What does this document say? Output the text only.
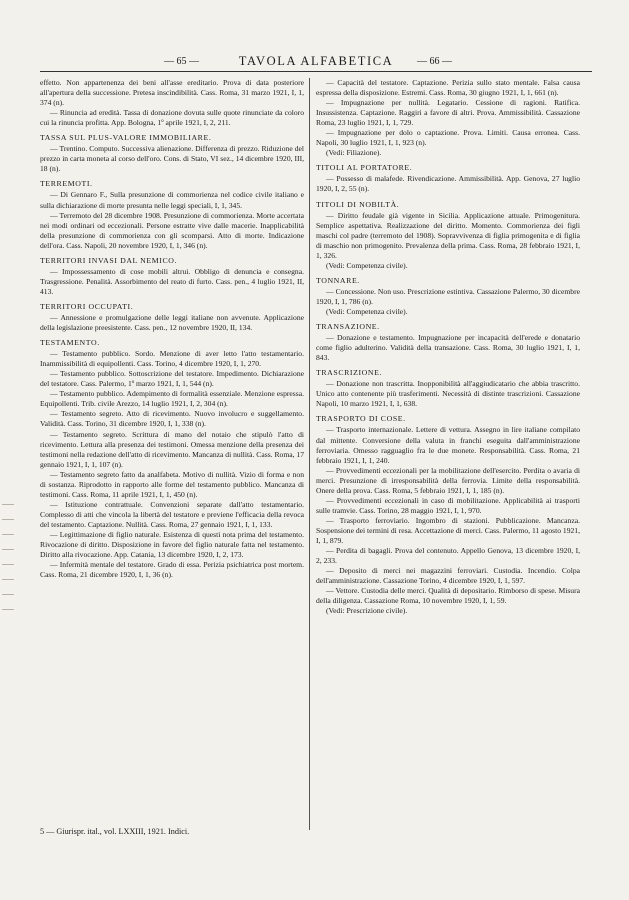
— 65 —	TAVOLA ALFABETICA	— 66 —

effetto. Non appartenenza dei beni all'asse ereditario. Prova di data posteriore all'apertura della successione. Pretesa inscindibilità. Cass. Roma, 31 marzo 1921, I, 1, 374 (n).

— Rinuncia ad eredità. Tassa di donazione dovuta sulle quote rinunciate da coloro cui la rinuncia profitta. App. Bologna, 1º aprile 1921, I, 2, 211.

TASSA SUL PLUS-VALORE IMMOBILIARE.

— Trentino. Computo. Successiva alienazione. Differenza di prezzo. Riduzione del prezzo in carta moneta al corso dell'oro. Cons. di Stato, VI sez., 14 dicembre 1920, III, 18 (n).

TERREMOTI.

— Di Gennaro F., Sulla presunzione di commorienza nel codice civile italiano e sulla dichiarazione di morte presunta nelle leggi speciali, I, 1, 345.

— Terremoto del 28 dicembre 1908. Presunzione di commorienza. Morte accertata nei modi ordinari od eccezionali. Persone estratte vive dalle macerie. Inapplicabilità della presunzione di commorienza con gli scomparsi. Atto di morte. Indicazione dell'ora. Cass. Napoli, 20 novembre 1920, I, 1, 346 (n).

TERRITORI INVASI DAL NEMICO.

— Impossessamento di cose mobili altrui. Obbligo di denuncia e consegna. Trasgressione. Penalità. Assorbimento del reato di furto. Cass. pen., 4 luglio 1921, II, 413.

TERRITORI OCCUPATI.

— Annessione e promulgazione delle leggi italiane non avvenute. Applicazione della legislazione preesistente. Cass. pen., 12 novembre 1920, II, 134.

TESTAMENTO.

— Testamento pubblico. Sordo. Menzione di aver letto l'atto testamentario. Inammissibilità di equipollenti. Cass. Torino, 4 dicembre 1920, I, 1, 270.

— Testamento pubblico. Sottoscrizione del testatore. Impedimento. Dichiarazione del testatore. Cass. Palermo, 1º marzo 1921, I, 1, 544 (n).

— Testamento pubblico. Adempimento di formalità essenziale. Menzione espressa. Equipollenti. Trib. civile Arezzo, 14 luglio 1921, I, 2, 304 (n).

— Testamento segreto. Atto di ricevimento. Nuovo involucro e suggellamento. Validità. Cass. Torino, 31 dicembre 1920, I, 1, 338 (n).

— Testamento segreto. Scrittura di mano del notaio che stipulò l'atto di ricevimento. Lettura alla presenza dei testimoni. Omessa menzione della presenza dei testimoni nella redazione dell'atto di ricevimento. Mancanza di nullità. Cass. Roma, 17 gennaio 1921, I, 1, 107 (n).

— Testamento segreto fatto da analfabeta. Motivo di nullità. Vizio di forma e non di sostanza. Riprodotto in rapporto alle forme del testamento pubblico. Mancanza di testimoni. Cass. Roma, 11 aprile 1921, I, 1, 450 (n).

— Istituzione contrattuale. Convenzioni separate dall'atto testamentario. Complesso di atti che vincola la libertà del testatore e previene l'efficacia della revoca del testamento. Captazione. Nullità. Cass. Roma, 27 gennaio 1921, I, 1, 133.

— Legittimazione di figlio naturale. Esistenza di questi nota prima del testamento. Rivocazione di diritto. Disposizione in favore del figlio naturale fatta nel testamento. Diritto alla rivocazione. App. Catania, 13 dicembre 1920, I, 2, 173.

— Infermità mentale del testatore. Grado di essa. Perizia psichiatrica post mortem. Cass. Roma, 21 dicembre 1920, I, 1, 36 (n).

— Capacità del testatore. Captazione. Perizia sullo stato mentale. Falsa causa espressa della disposizione. Estremi. Cass. Roma, 30 giugno 1921, I, 1, 661 (n).

— Impugnazione per nullità. Legatario. Cessione di ragioni. Ratifica. Insussistenza. Captazione. Raggiri a favore di altri. Prova. Ammissibilità. Cassazione Roma, 23 luglio 1921, I, 1, 729.

— Impugnazione per dolo o captazione. Prova. Limiti. Causa erronea. Cass. Napoli, 30 luglio 1921, I, 1, 923 (n).

(Vedi: Filiazione).

TITOLI AL PORTATORE.

— Possesso di malafede. Rivendicazione. Ammissibilità. App. Genova, 27 luglio 1920, I, 2, 55 (n).

TITOLI DI NOBILTÀ.

— Diritto feudale già vigente in Sicilia. Applicazione attuale. Primogenitura. Semplice aspettativa. Realizzazione del diritto. Momento. Commorienza dei figli maschi col padre (terremoto del 1908). Sopravvivenza di figlia primogenita e di figlia di maschio non primogenito. Prevalenza della prima. Cass. Roma, 28 febbraio 1921, I, 1, 326.

(Vedi: Competenza civile).

TONNARE.

— Concessione. Non uso. Prescrizione estintiva. Cassazione Palermo, 30 dicembre 1920, I, 1, 786 (n).

(Vedi: Competenza civile).

TRANSAZIONE.

— Donazione e testamento. Impugnazione per incapacità dell'erede e donatario come figlio adulterino. Validità della transazione. Cass. Roma, 30 luglio 1921, I, 1, 843.

TRASCRIZIONE.

— Donazione non trascritta. Inopponibilità all'aggiudicatario che abbia trascritto. Unico atto contenente più trasferimenti. Necessità di distinte trascrizioni. Cassazione Napoli, 10 marzo 1921, I, 1, 638.

TRASPORTO DI COSE.

— Trasporto internazionale. Lettere di vettura. Assegno in lire italiane compilato dal mittente. Conversione della valuta in franchi eseguita dall'amministrazione ferroviaria. Omesso ragguaglio fra le due monete. Responsabilità. Cass. Roma, 21 febbraio 1921, I, 1, 240.

— Provvedimenti eccezionali per la mobilitazione dell'esercito. Perdita o avaria di merci. Presunzione di irresponsabilità della ferrovia. Limite della responsabilità. Onere della prova. Cass. Roma, 5 febbraio 1921, I, 1, 185 (n).

— Provvedimenti eccezionali in caso di mobilitazione. Applicabilità ai trasporti sulle tramvie. Cass. Torino, 28 maggio 1921, I, 1, 970.

— Trasporto ferroviario. Ingombro di stazioni. Pubblicazione. Mancanza. Sospensione dei termini di resa. Accettazione di merci. Cass. Palermo, 11 agosto 1921, I, 1, 879.

— Perdita di bagagli. Prova del contenuto. Appello Genova, 13 dicembre 1920, I, 2, 233.

— Deposito di merci nei magazzini ferroviari. Custodia. Incendio. Colpa dell'amministrazione. Cassazione Torino, 4 dicembre 1920, I, 1, 597.

— Vettore. Custodia delle merci. Qualità di depositario. Rimborso di spese. Misura della diligenza. Cassazione Roma, 10 novembre 1920, I, 1, 59.

(Vedi: Prescrizione civile).

5 — Giurispr. ital., vol. LXXIII, 1921. Indici.
